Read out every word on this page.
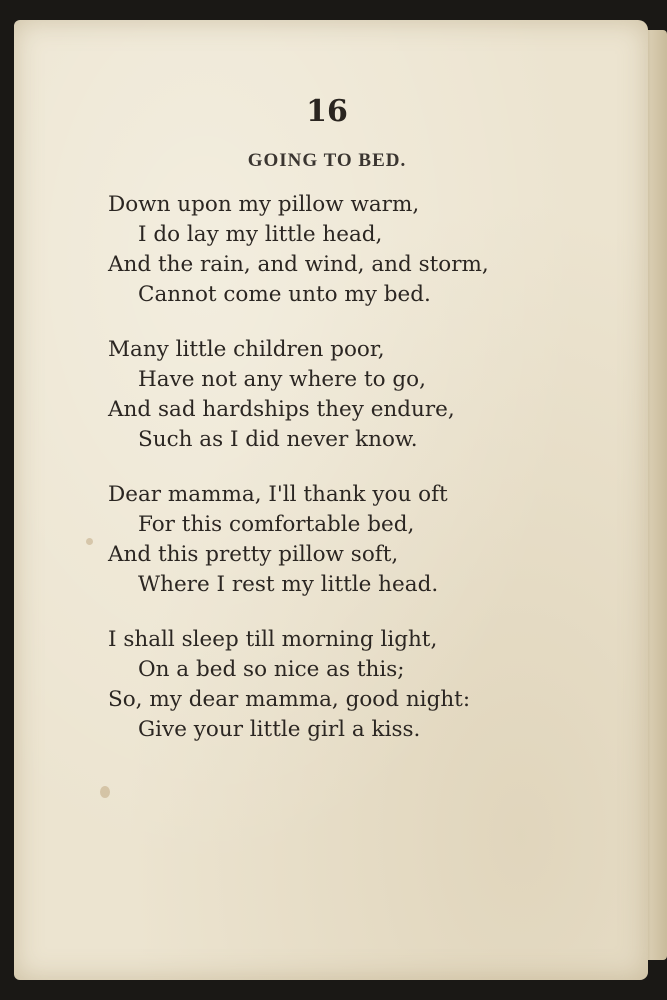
16
GOING TO BED.
Down upon my pillow warm,
I do lay my little head,
And the rain, and wind, and storm,
Cannot come unto my bed.
Many little children poor,
Have not any where to go,
And sad hardships they endure,
Such as I did never know.
Dear mamma, I'll thank you oft
For this comfortable bed,
And this pretty pillow soft,
Where I rest my little head.
I shall sleep till morning light,
On a bed so nice as this;
So, my dear mamma, good night:
Give your little girl a kiss.
